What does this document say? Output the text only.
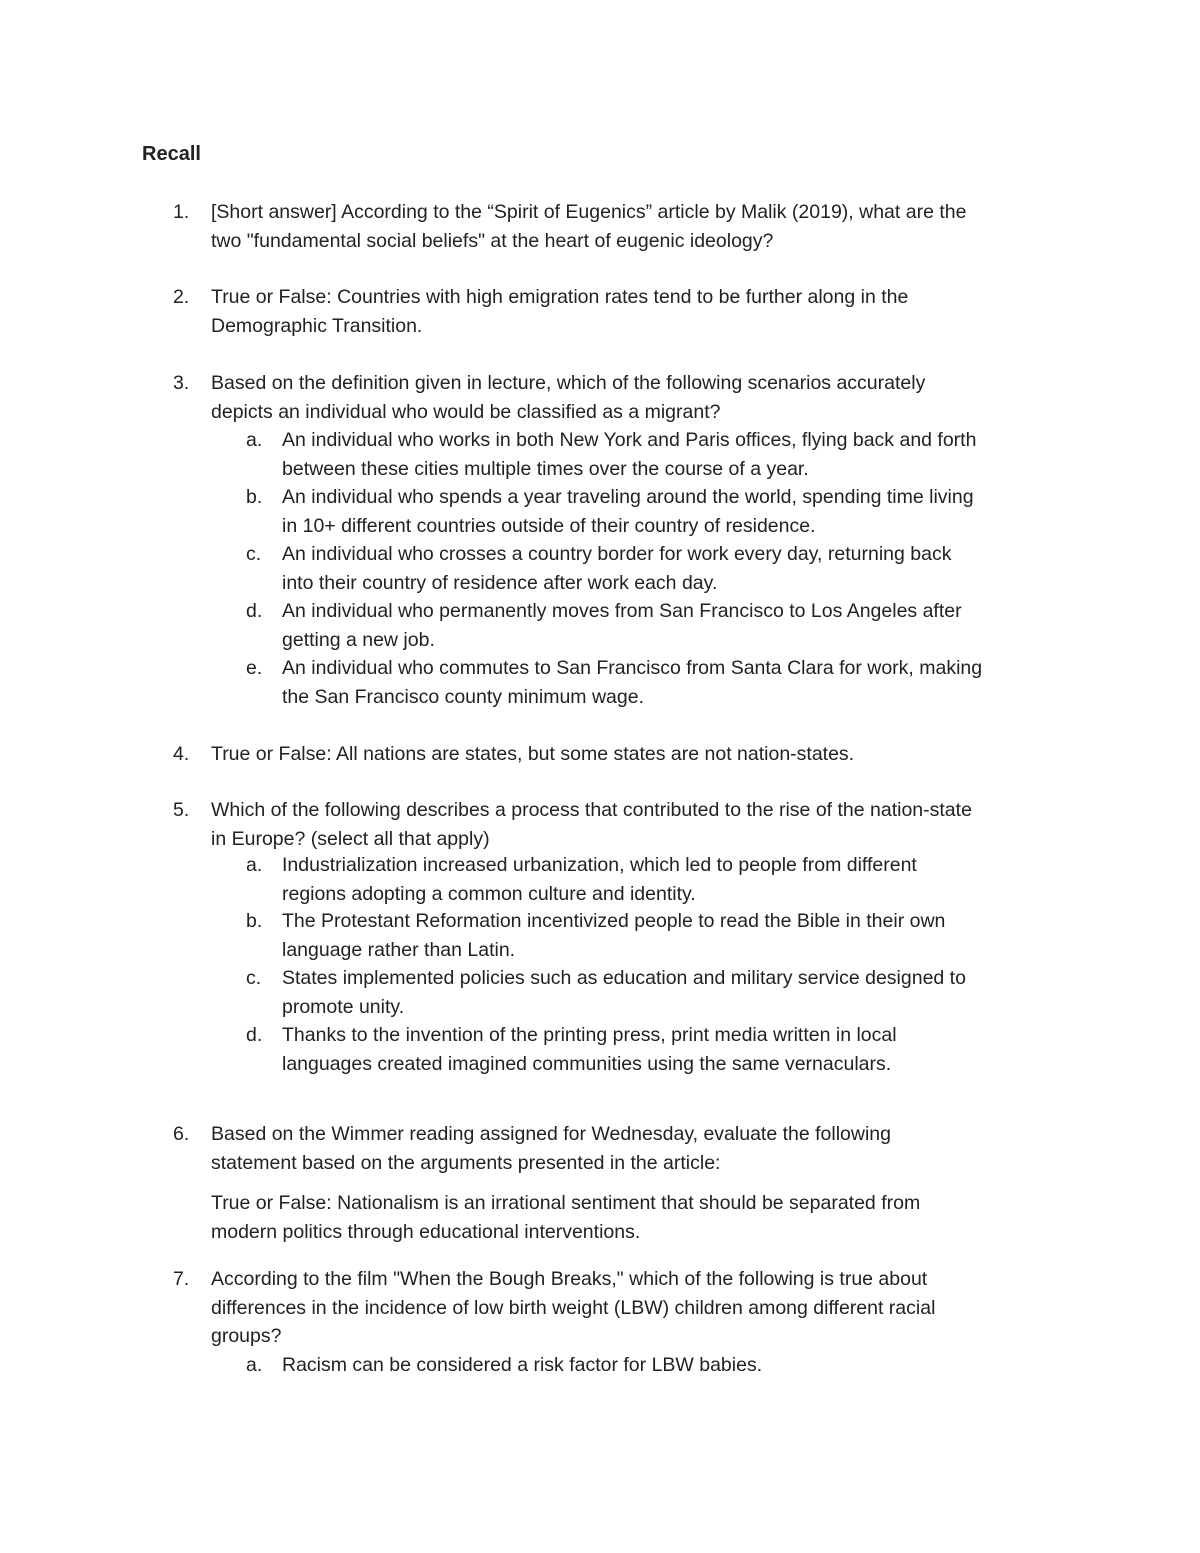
Recall
1. [Short answer] According to the “Spirit of Eugenics” article by Malik (2019), what are the
two "fundamental social beliefs" at the heart of eugenic ideology?
2. True or False: Countries with high emigration rates tend to be further along in the
Demographic Transition.
3. Based on the definition given in lecture, which of the following scenarios accurately
depicts an individual who would be classified as a migrant?
a. An individual who works in both New York and Paris offices, flying back and forth
between these cities multiple times over the course of a year.
b. An individual who spends a year traveling around the world, spending time living
in 10+ different countries outside of their country of residence.
c. An individual who crosses a country border for work every day, returning back
into their country of residence after work each day.
d. An individual who permanently moves from San Francisco to Los Angeles after
getting a new job.
e. An individual who commutes to San Francisco from Santa Clara for work, making
the San Francisco county minimum wage.
4. True or False: All nations are states, but some states are not nation-states.
5. Which of the following describes a process that contributed to the rise of the nation-state
in Europe? (select all that apply)
a. Industrialization increased urbanization, which led to people from different
regions adopting a common culture and identity.
b. The Protestant Reformation incentivized people to read the Bible in their own
language rather than Latin.
c. States implemented policies such as education and military service designed to
promote unity.
d. Thanks to the invention of the printing press, print media written in local
languages created imagined communities using the same vernaculars.
6. Based on the Wimmer reading assigned for Wednesday, evaluate the following
statement based on the arguments presented in the article:
True or False: Nationalism is an irrational sentiment that should be separated from
modern politics through educational interventions.
7. According to the film "When the Bough Breaks," which of the following is true about
differences in the incidence of low birth weight (LBW) children among different racial
groups?
a. Racism can be considered a risk factor for LBW babies.
